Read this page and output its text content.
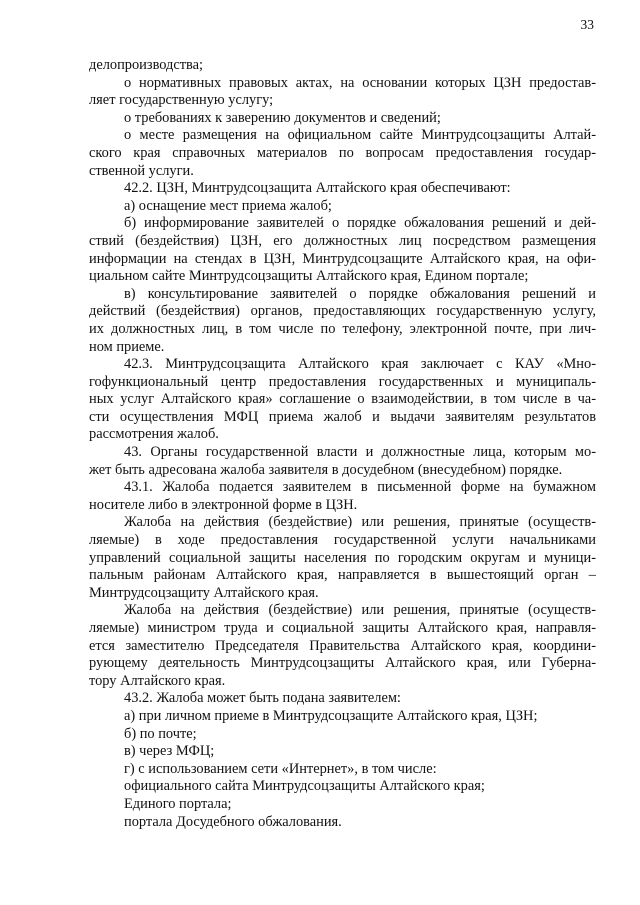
33
делопроизводства;
о нормативных правовых актах, на основании которых ЦЗН предостав-
ляет государственную услугу;
о требованиях к заверению документов и сведений;
о месте размещения на официальном сайте Минтрудсоцзащиты Алтай-
ского края справочных материалов по вопросам предоставления государ-
ственной услуги.
42.2. ЦЗН, Минтрудсоцзащита Алтайского края обеспечивают:
а) оснащение мест приема жалоб;
б) информирование заявителей о порядке обжалования решений и дей-
ствий (бездействия) ЦЗН, его должностных лиц посредством размещения
информации на стендах в ЦЗН, Минтрудсоцзащите Алтайского края, на офи-
циальном сайте Минтрудсоцзащиты Алтайского края, Едином портале;
в) консультирование заявителей о порядке обжалования решений и
действий (бездействия) органов, предоставляющих государственную услугу,
их должностных лиц, в том числе по телефону, электронной почте, при лич-
ном приеме.
42.3. Минтрудсоцзащита Алтайского края заключает с КАУ «Мно-
гофункциональный центр предоставления государственных и муниципаль-
ных услуг Алтайского края» соглашение о взаимодействии, в том числе в ча-
сти осуществления МФЦ приема жалоб и выдачи заявителям результатов
рассмотрения жалоб.
43. Органы государственной власти и должностные лица, которым мо-
жет быть адресована жалоба заявителя в досудебном (внесудебном) порядке.
43.1. Жалоба подается заявителем в письменной форме на бумажном
носителе либо в электронной форме в ЦЗН.
Жалоба на действия (бездействие) или решения, принятые (осуществ-
ляемые) в ходе предоставления государственной услуги начальниками
управлений социальной защиты населения по городским округам и муници-
пальным районам Алтайского края, направляется в вышестоящий орган –
Минтрудсоцзащиту Алтайского края.
Жалоба на действия (бездействие) или решения, принятые (осуществ-
ляемые) министром труда и социальной защиты Алтайского края, направля-
ется заместителю Председателя Правительства Алтайского края, координи-
рующему деятельность Минтрудсоцзащиты Алтайского края, или Губерна-
тору Алтайского края.
43.2. Жалоба может быть подана заявителем:
а) при личном приеме в Минтрудсоцзащите Алтайского края, ЦЗН;
б) по почте;
в) через МФЦ;
г) с использованием сети «Интернет», в том числе:
официального сайта Минтрудсоцзащиты Алтайского края;
Единого портала;
портала Досудебного обжалования.
